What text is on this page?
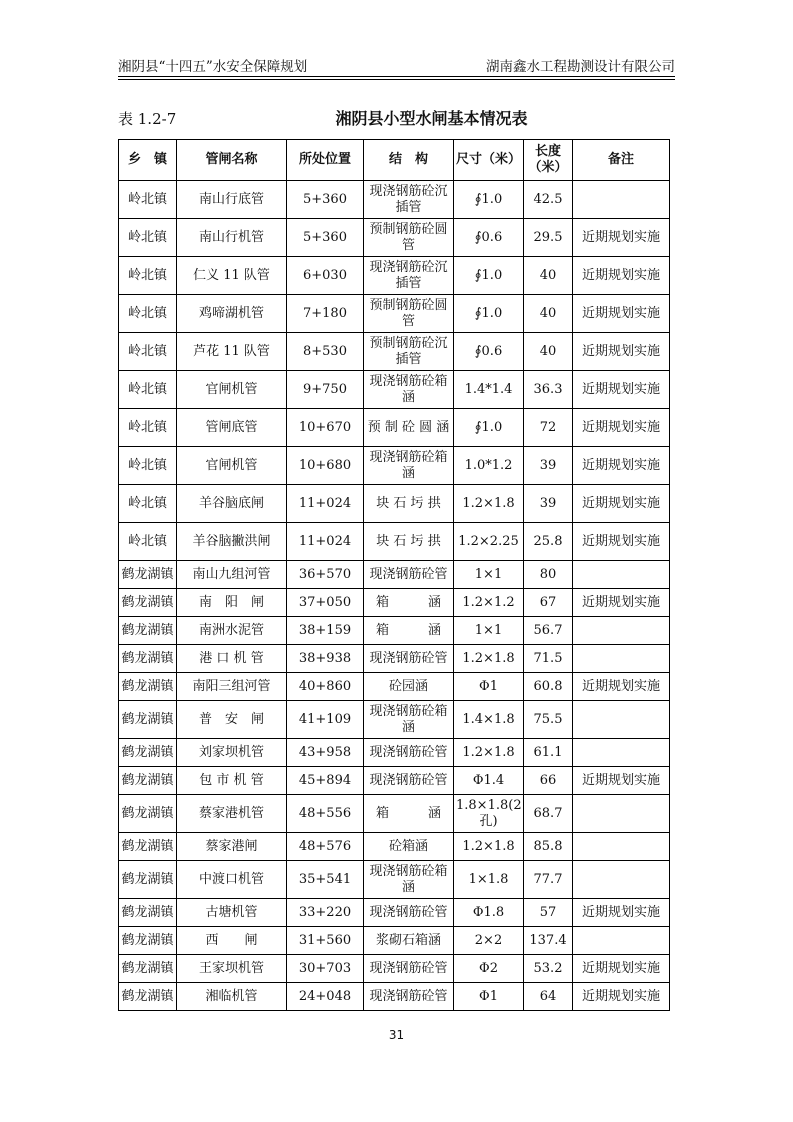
湘阴县“十四五”水安全保障规划	湖南鑫水工程勘测设计有限公司
表 1.2-7	湘阴县小型水闸基本情况表
乡　镇	管闸名称	所处位置	结　构	尺寸（米）	长度（米）	备注
岭北镇	南山行底管	5+360	现浇钢筋砼沉插管	∮1.0	42.5	
岭北镇	南山行机管	5+360	预制钢筋砼圆管	∮0.6	29.5	近期规划实施
岭北镇	仁义 11 队管	6+030	现浇钢筋砼沉插管	∮1.0	40	近期规划实施
岭北镇	鸡啼湖机管	7+180	预制钢筋砼圆管	∮1.0	40	近期规划实施
岭北镇	芦花 11 队管	8+530	预制钢筋砼沉插管	∮0.6	40	近期规划实施
岭北镇	官闸机管	9+750	现浇钢筋砼箱涵	1.4*1.4	36.3	近期规划实施
岭北镇	管闸底管	10+670	预 制 砼 圆 涵	∮1.0	72	近期规划实施
岭北镇	官闸机管	10+680	现浇钢筋砼箱涵	1.0*1.2	39	近期规划实施
岭北镇	羊谷脑底闸	11+024	块 石 圬 拱	1.2×1.8	39	近期规划实施
岭北镇	羊谷脑撇洪闸	11+024	块 石 圬 拱	1.2×2.25	25.8	近期规划实施
鹤龙湖镇	南山九组河管	36+570	现浇钢筋砼管	1×1	80	
鹤龙湖镇	南　阳　闸	37+050	箱　　　涵	1.2×1.2	67	近期规划实施
鹤龙湖镇	南洲水泥管	38+159	箱　　　涵	1×1	56.7	
鹤龙湖镇	港 口 机 管	38+938	现浇钢筋砼管	1.2×1.8	71.5	
鹤龙湖镇	南阳三组河管	40+860	砼园涵	Φ1	60.8	近期规划实施
鹤龙湖镇	普　安　闸	41+109	现浇钢筋砼箱涵	1.4×1.8	75.5	
鹤龙湖镇	刘家坝机管	43+958	现浇钢筋砼管	1.2×1.8	61.1	
鹤龙湖镇	包 市 机 管	45+894	现浇钢筋砼管	Φ1.4	66	近期规划实施
鹤龙湖镇	蔡家港机管	48+556	箱　　　涵	1.8×1.8(2孔)	68.7	
鹤龙湖镇	蔡家港闸	48+576	砼箱涵	1.2×1.8	85.8	
鹤龙湖镇	中渡口机管	35+541	现浇钢筋砼箱涵	1×1.8	77.7	
鹤龙湖镇	古塘机管	33+220	现浇钢筋砼管	Φ1.8	57	近期规划实施
鹤龙湖镇	西　　闸	31+560	浆砌石箱涵	2×2	137.4	
鹤龙湖镇	王家坝机管	30+703	现浇钢筋砼管	Φ2	53.2	近期规划实施
鹤龙湖镇	湘临机管	24+048	现浇钢筋砼管	Φ1	64	近期规划实施
31
